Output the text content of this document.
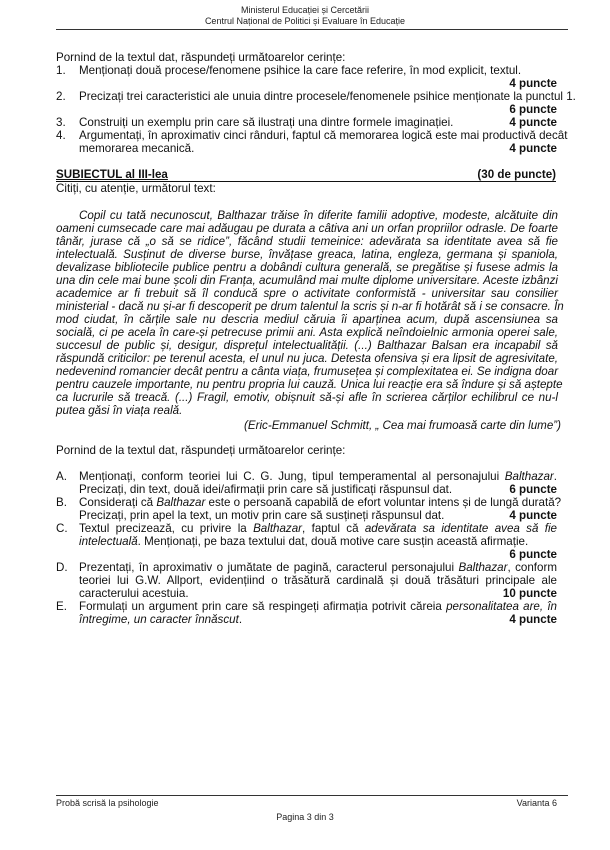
Ministerul Educației și Cercetării
Centrul Național de Politici și Evaluare în Educație
Pornind de la textul dat, răspundeți următoarelor cerințe:
1. Menționați două procese/fenomene psihice la care face referire, în mod explicit, textul.
4 puncte
2. Precizați trei caracteristici ale unuia dintre procesele/fenomenele psihice menționate la punctul 1.
6 puncte
3. Construiți un exemplu prin care să ilustrați una dintre formele imaginației.	4 puncte
4. Argumentați, în aproximativ cinci rânduri, faptul că memorarea logică este mai productivă decât
memorarea mecanică.	4 puncte
SUBIECTUL al III-lea	(30 de puncte)
Citiți, cu atenție, următorul text:
Copil cu tată necunoscut, Balthazar trăise în diferite familii adoptive, modeste, alcătuite din
oameni cumsecade care mai adăugau pe durata a câtiva ani un orfan propriilor odrasle. De foarte
tânăr, jurase că „o să se ridice”, făcând studii temeinice: adevărata sa identitate avea să fie
intelectuală. Susținut de diverse burse, învățase greaca, latina, engleza, germana și spaniola,
devalizase bibliotecile publice pentru a dobândi cultura generală, se pregătise și fusese admis la
una din cele mai bune școli din Franța, acumulând mai multe diplome universitare. Aceste izbânzi
academice ar fi trebuit să îl conducă spre o activitate conformistă - universitar sau consilier
ministerial - dacă nu și-ar fi descoperit pe drum talentul la scris și n-ar fi hotărât să i se consacre. În
mod ciudat, în cărțile sale nu descria mediul căruia îi aparținea acum, după ascensiunea sa
socială, ci pe acela în care-și petrecuse primii ani. Asta explică neîndoielnic armonia operei sale,
succesul de public și, desigur, disprețul intelectualității. (...) Balthazar Balsan era incapabil să
răspundă criticilor: pe terenul acesta, el unul nu juca. Detesta ofensiva și era lipsit de agresivitate,
nedevenind romancier decât pentru a cânta viața, frumusețea și complexitatea ei. Se indigna doar
pentru cauzele importante, nu pentru propria lui cauză. Unica lui reacție era să îndure și să aștepte
ca lucrurile să treacă. (...) Fragil, emotiv, obișnuit să-și afle în scrierea cărților echilibrul ce nu-l
putea găsi în viața reală.
(Eric-Emmanuel Schmitt, „ Cea mai frumoasă carte din lume”)
Pornind de la textul dat, răspundeți următoarelor cerințe:
A. Menționați, conform teoriei lui C. G. Jung, tipul temperamental al personajului Balthazar.
Precizați, din text, două idei/afirmații prin care să justificați răspunsul dat.	6 puncte
B. Considerați că Balthazar este o persoană capabilă de efort voluntar intens și de lungă durată?
Precizați, prin apel la text, un motiv prin care să susțineți răspunsul dat.	4 puncte
C. Textul precizează, cu privire la Balthazar, faptul că adevărata sa identitate avea să fie
intelectuală. Menționați, pe baza textului dat, două motive care susțin această afirmație.
6 puncte
D. Prezentați, în aproximativ o jumătate de pagină, caracterul personajului Balthazar, conform
teoriei lui G.W. Allport, evidențiind o trăsătură cardinală și două trăsături principale ale
caracterului acestuia.	10 puncte
E. Formulați un argument prin care să respingeți afirmația potrivit căreia personalitatea are, în
întregime, un caracter înnăscut.	4 puncte
Probă scrisă la psihologie	Varianta 6
Pagina 3 din 3
